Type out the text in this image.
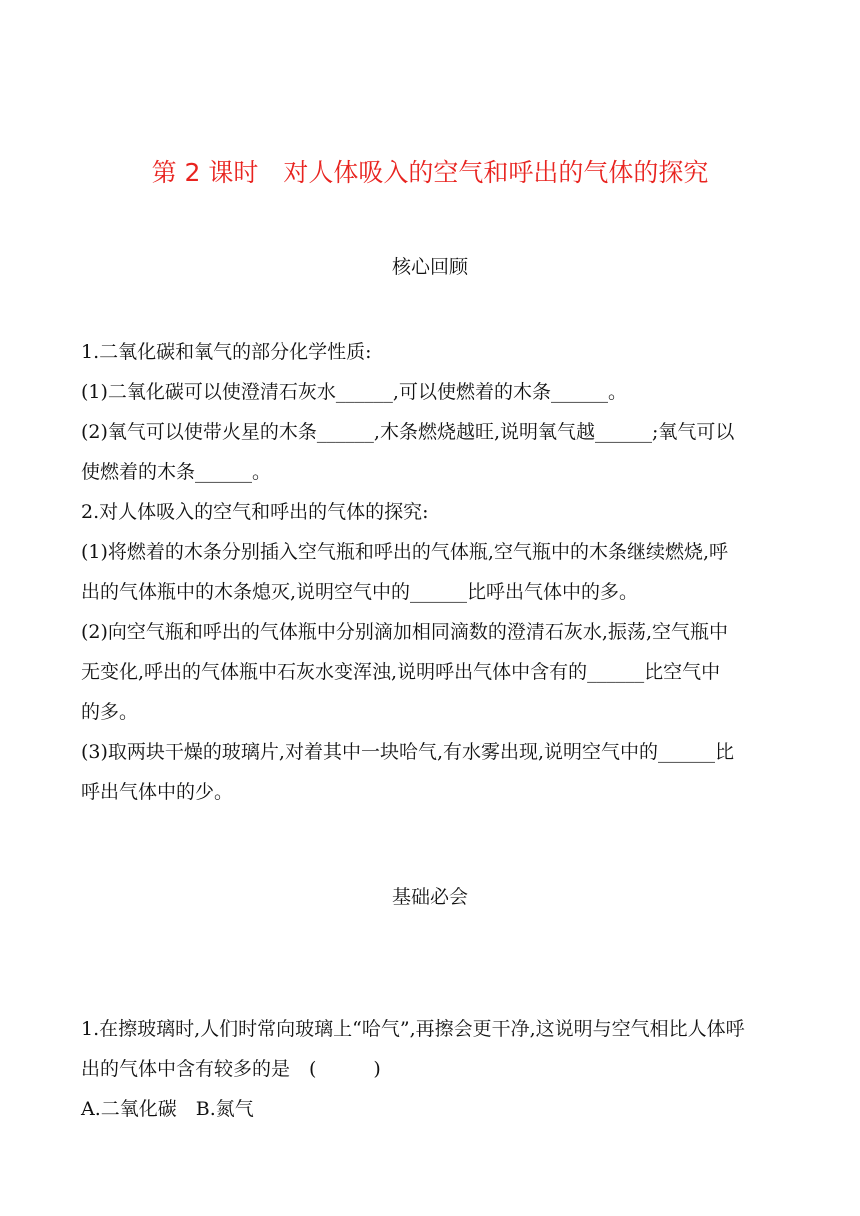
第 2 课时　对人体吸入的空气和呼出的气体的探究
核心回顾
1.二氧化碳和氧气的部分化学性质:
(1)二氧化碳可以使澄清石灰水______,可以使燃着的木条______。
(2)氧气可以使带火星的木条______,木条燃烧越旺,说明氧气越______;氧气可以
使燃着的木条______。
2.对人体吸入的空气和呼出的气体的探究:
(1)将燃着的木条分别插入空气瓶和呼出的气体瓶,空气瓶中的木条继续燃烧,呼
出的气体瓶中的木条熄灭,说明空气中的______比呼出气体中的多。
(2)向空气瓶和呼出的气体瓶中分别滴加相同滴数的澄清石灰水,振荡,空气瓶中
无变化,呼出的气体瓶中石灰水变浑浊,说明呼出气体中含有的______比空气中
的多。
(3)取两块干燥的玻璃片,对着其中一块哈气,有水雾出现,说明空气中的______比
呼出气体中的少。
基础必会
1.在擦玻璃时,人们时常向玻璃上“哈气”,再擦会更干净,这说明与空气相比人体呼
出的气体中含有较多的是　(　　　)
A.二氧化碳　B.氮气
